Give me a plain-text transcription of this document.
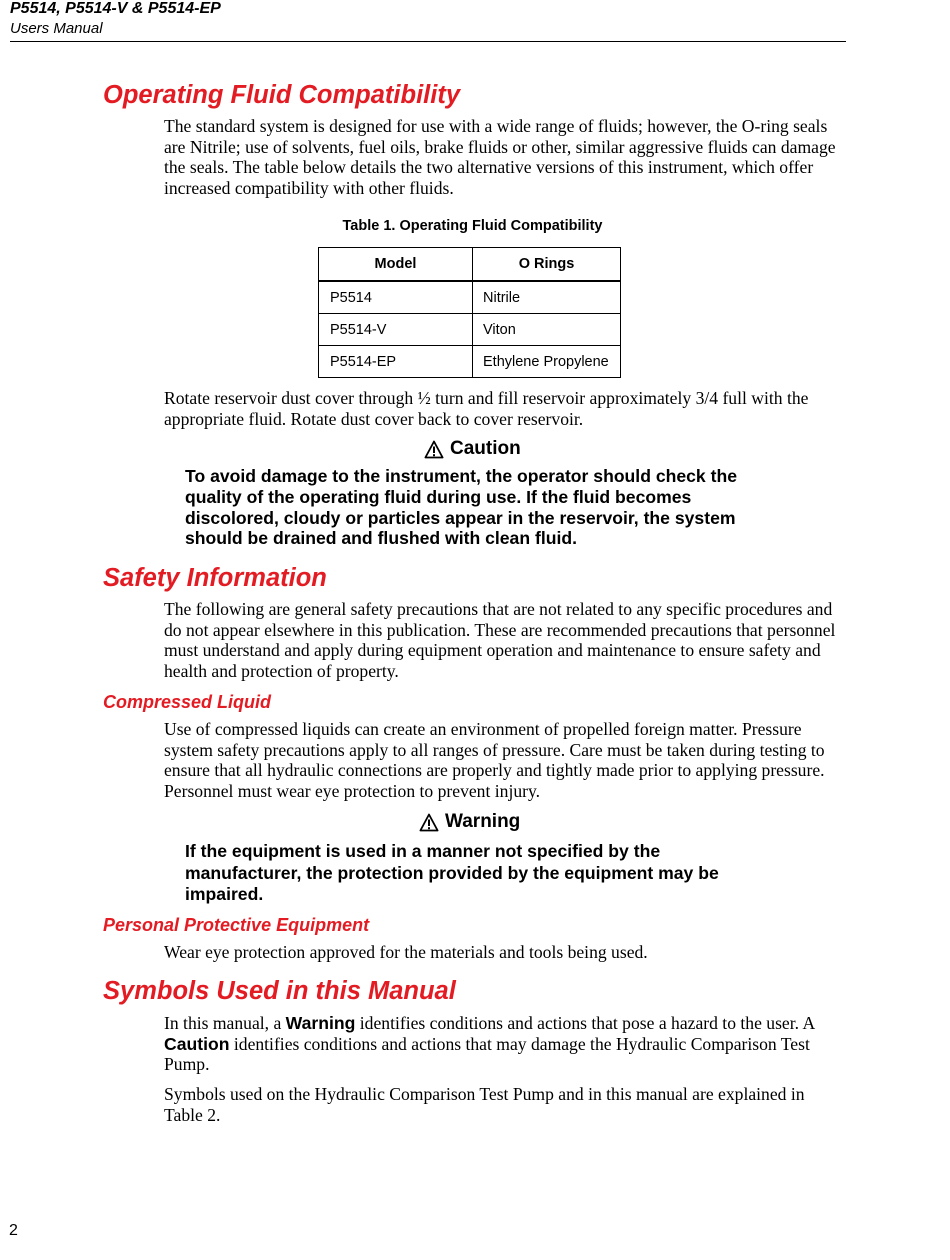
P5514, P5514-V & P5514-EP
Users Manual
Operating Fluid Compatibility
The standard system is designed for use with a wide range of fluids; however, the O-ring seals are Nitrile; use of solvents, fuel oils, brake fluids or other, similar aggressive fluids can damage the seals. The table below details the two alternative versions of this instrument, which offer increased compatibility with other fluids.
Table 1. Operating Fluid Compatibility
Model	O Rings
P5514	Nitrile
P5514-V	Viton
P5514-EP	Ethylene Propylene
Rotate reservoir dust cover through ½ turn and fill reservoir approximately 3/4 full with the appropriate fluid. Rotate dust cover back to cover reservoir.
Caution
To avoid damage to the instrument, the operator should check the quality of the operating fluid during use. If the fluid becomes discolored, cloudy or particles appear in the reservoir, the system should be drained and flushed with clean fluid.
Safety Information
The following are general safety precautions that are not related to any specific procedures and do not appear elsewhere in this publication. These are recommended precautions that personnel must understand and apply during equipment operation and maintenance to ensure safety and health and protection of property.
Compressed Liquid
Use of compressed liquids can create an environment of propelled foreign matter. Pressure system safety precautions apply to all ranges of pressure. Care must be taken during testing to ensure that all hydraulic connections are properly and tightly made prior to applying pressure. Personnel must wear eye protection to prevent injury.
Warning
If the equipment is used in a manner not specified by the manufacturer, the protection provided by the equipment may be impaired.
Personal Protective Equipment
Wear eye protection approved for the materials and tools being used.
Symbols Used in this Manual
In this manual, a Warning identifies conditions and actions that pose a hazard to the user. A Caution identifies conditions and actions that may damage the Hydraulic Comparison Test Pump.
Symbols used on the Hydraulic Comparison Test Pump and in this manual are explained in Table 2.
2
